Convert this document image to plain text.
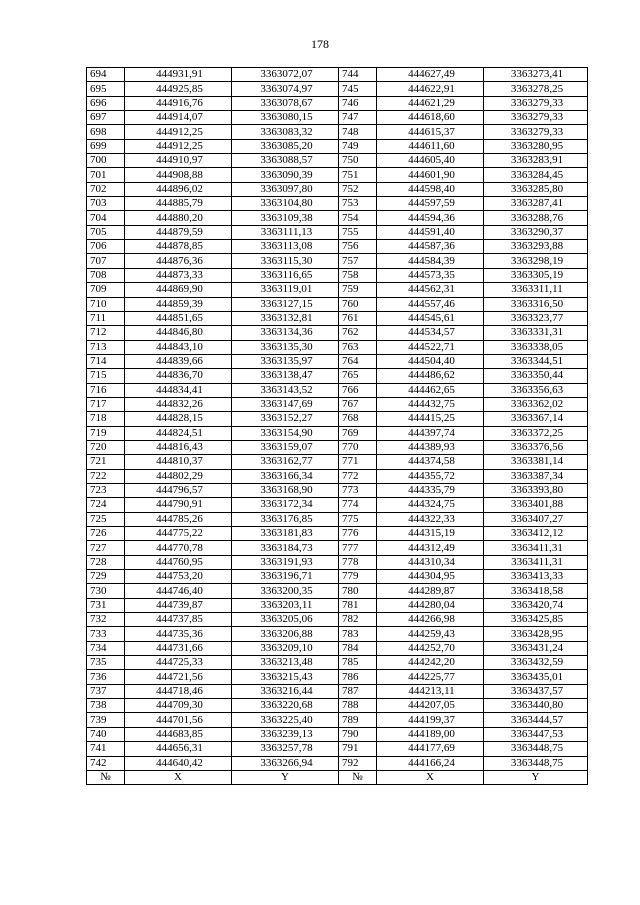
178
694	444931,91	3363072,07	744	444627,49	3363273,41
695	444925,85	3363074,97	745	444622,91	3363278,25
696	444916,76	3363078,67	746	444621,29	3363279,33
697	444914,07	3363080,15	747	444618,60	3363279,33
698	444912,25	3363083,32	748	444615,37	3363279,33
699	444912,25	3363085,20	749	444611,60	3363280,95
700	444910,97	3363088,57	750	444605,40	3363283,91
701	444908,88	3363090,39	751	444601,90	3363284,45
702	444896,02	3363097,80	752	444598,40	3363285,80
703	444885,79	3363104,80	753	444597,59	3363287,41
704	444880,20	3363109,38	754	444594,36	3363288,76
705	444879,59	3363111,13	755	444591,40	3363290,37
706	444878,85	3363113,08	756	444587,36	3363293,88
707	444876,36	3363115,30	757	444584,39	3363298,19
708	444873,33	3363116,65	758	444573,35	3363305,19
709	444869,90	3363119,01	759	444562,31	3363311,11
710	444859,39	3363127,15	760	444557,46	3363316,50
711	444851,65	3363132,81	761	444545,61	3363323,77
712	444846,80	3363134,36	762	444534,57	3363331,31
713	444843,10	3363135,30	763	444522,71	3363338,05
714	444839,66	3363135,97	764	444504,40	3363344,51
715	444836,70	3363138,47	765	444486,62	3363350,44
716	444834,41	3363143,52	766	444462,65	3363356,63
717	444832,26	3363147,69	767	444432,75	3363362,02
718	444828,15	3363152,27	768	444415,25	3363367,14
719	444824,51	3363154,90	769	444397,74	3363372,25
720	444816,43	3363159,07	770	444389,93	3363376,56
721	444810,37	3363162,77	771	444374,58	3363381,14
722	444802,29	3363166,34	772	444355,72	3363387,34
723	444796,57	3363168,90	773	444335,79	3363393,80
724	444790,91	3363172,34	774	444324,75	3363401,88
725	444785,26	3363176,85	775	444322,33	3363407,27
726	444775,22	3363181,83	776	444315,19	3363412,12
727	444770,78	3363184,73	777	444312,49	3363411,31
728	444760,95	3363191,93	778	444310,34	3363411,31
729	444753,20	3363196,71	779	444304,95	3363413,33
730	444746,40	3363200,35	780	444289,87	3363418,58
731	444739,87	3363203,11	781	444280,04	3363420,74
732	444737,85	3363205,06	782	444266,98	3363425,85
733	444735,36	3363206,88	783	444259,43	3363428,95
734	444731,66	3363209,10	784	444252,70	3363431,24
735	444725,33	3363213,48	785	444242,20	3363432,59
736	444721,56	3363215,43	786	444225,77	3363435,01
737	444718,46	3363216,44	787	444213,11	3363437,57
738	444709,30	3363220,68	788	444207,05	3363440,80
739	444701,56	3363225,40	789	444199,37	3363444,57
740	444683,85	3363239,13	790	444189,00	3363447,53
741	444656,31	3363257,78	791	444177,69	3363448,75
742	444640,42	3363266,94	792	444166,24	3363448,75
№	X	Y	№	X	Y
